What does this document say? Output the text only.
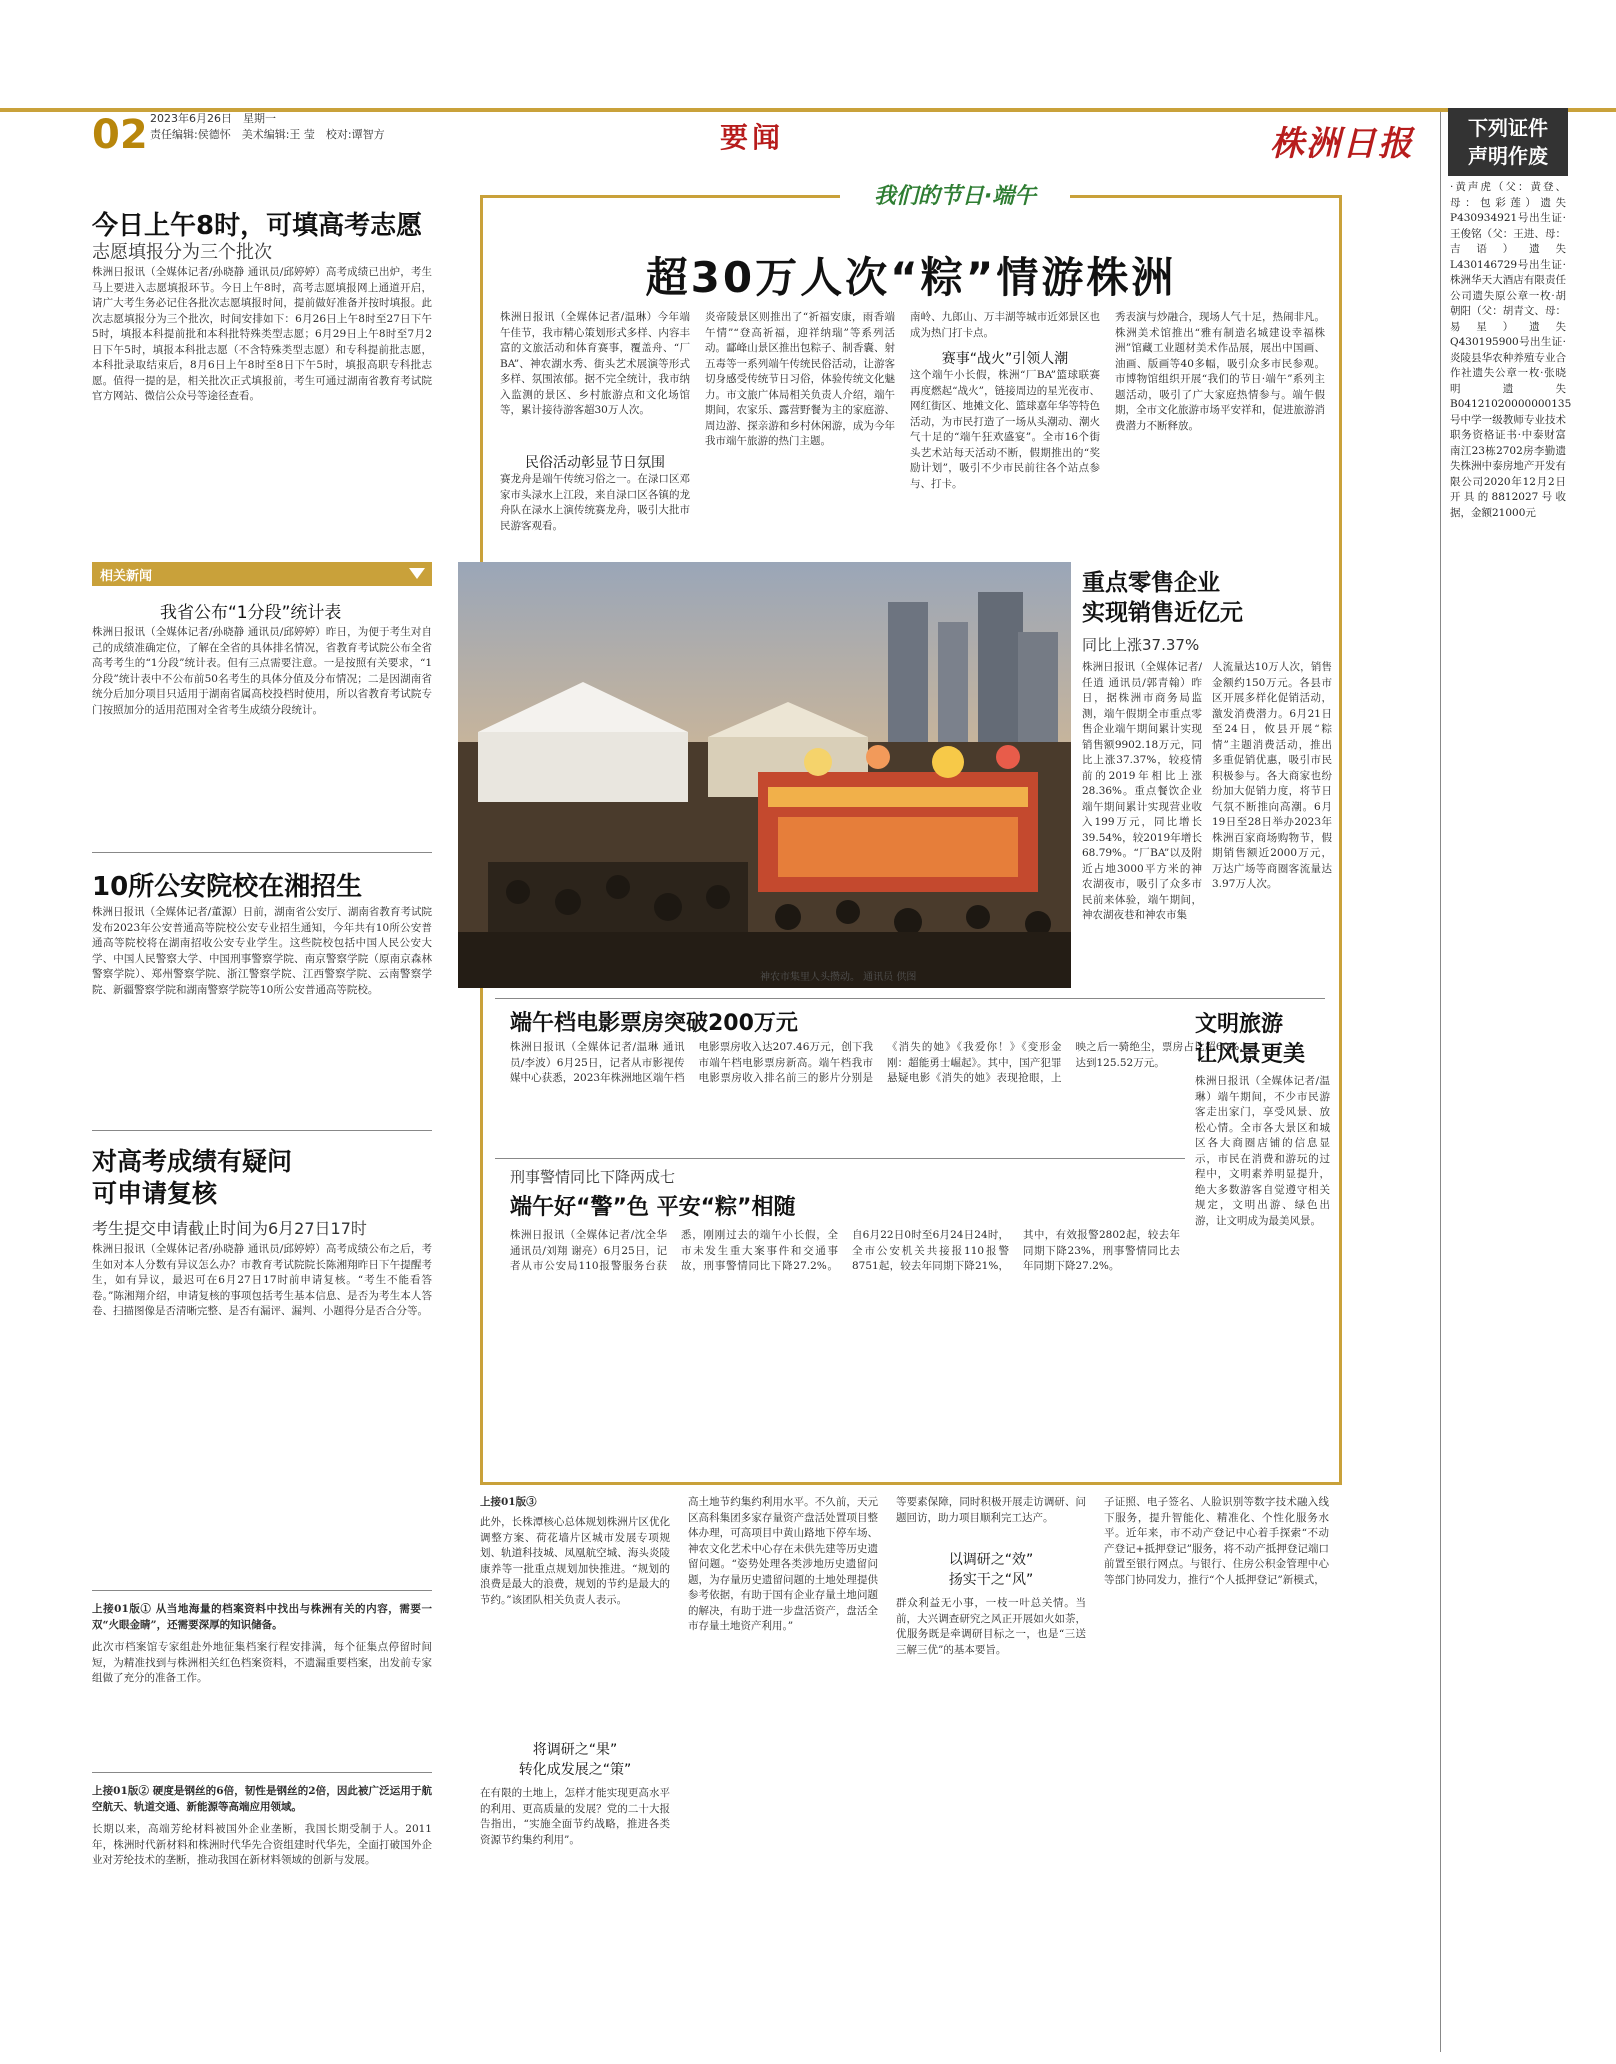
2023年6月26日　星期一
责任编辑:侯德怀　美术编辑:王 莹　校对:谭智方
02	要闻	株洲日报	下列证件
声明作废
·黄声虎（父：黄登、母：包彩莲）遗失P430934921号出生证·王俊铭（父：王进、母：吉语）遗失L430146729号出生证·株洲华天大酒店有限责任公司遗失原公章一枚·胡朝阳（父：胡青文、母：易星）遗失Q430195900号出生证·炎陵县华农种养殖专业合作社遗失公章一枚·张晓明遗失B04121020000000135号中学一级教师专业技术职务资格证书·中泰财富南江23栋2702房李勤遗失株洲中泰房地产开发有限公司2020年12月2日开具的8812027号收据，金额21000元
今日上午8时，可填高考志愿
志愿填报分为三个批次
株洲日报讯（全媒体记者/孙晓静 通讯员/邱婷婷）高考成绩已出炉，考生马上要进入志愿填报环节。今日上午8时，高考志愿填报网上通道开启，请广大考生务必记住各批次志愿填报时间，提前做好准备并按时填报。此次志愿填报分为三个批次，时间安排如下：6月26日上午8时至27日下午5时，填报本科提前批和本科批特殊类型志愿；6月29日上午8时至7月2日下午5时，填报本科批志愿（不含特殊类型志愿）和专科提前批志愿，本科批录取结束后，8月6日上午8时至8日下午5时，填报高职专科批志愿。值得一提的是，相关批次正式填报前，考生可通过湖南省教育考试院官方网站、微信公众号等途径查看。
相关新闻
我省公布“1分段”统计表
株洲日报讯（全媒体记者/孙晓静 通讯员/邱婷婷）昨日，为便于考生对自己的成绩准确定位，了解在全省的具体排名情况，省教育考试院公布全省高考考生的“1分段”统计表。但有三点需要注意。一是按照有关要求，“1分段”统计表中不公布前50名考生的具体分值及分布情况；二是因湖南省统分后加分项目只适用于湖南省属高校投档时使用，所以省教育考试院专门按照加分的适用范围对全省考生成绩分段统计。
10所公安院校在湘招生
株洲日报讯（全媒体记者/董源）日前，湖南省公安厅、湖南省教育考试院发布2023年公安普通高等院校公安专业招生通知，今年共有10所公安普通高等院校将在湖南招收公安专业学生。这些院校包括中国人民公安大学、中国人民警察大学、中国刑事警察学院、南京警察学院（原南京森林警察学院）、郑州警察学院、浙江警察学院、江西警察学院、云南警察学院、新疆警察学院和湖南警察学院等10所公安普通高等院校。
对高考成绩有疑问
可申请复核
考生提交申请截止时间为6月27日17时
株洲日报讯（全媒体记者/孙晓静 通讯员/邱婷婷）高考成绩公布之后，考生如对本人分数有异议怎么办？市教育考试院院长陈湘翔昨日下午提醒考生，如有异议，最迟可在6月27日17时前申请复核。“考生不能看答卷。”陈湘翔介绍，申请复核的事项包括考生基本信息、是否为考生本人答卷、扫描图像是否清晰完整、是否有漏评、漏判、小题得分是否合分等。
上接01版① 从当地海量的档案资料中找出与株洲有关的内容，需要一双“火眼金睛”，还需要深厚的知识储备。
此次市档案馆专家组赴外地征集档案行程安排满，每个征集点停留时间短，为精准找到与株洲相关红色档案资料，不遗漏重要档案，出发前专家组做了充分的准备工作。
上接01版② 硬度是钢丝的6倍，韧性是钢丝的2倍，因此被广泛运用于航空航天、轨道交通、新能源等高端应用领域。
长期以来，高端芳纶材料被国外企业垄断，我国长期受制于人。2011年，株洲时代新材料和株洲时代华先合资组建时代华先，全面打破国外企业对芳纶技术的垄断，推动我国在新材料领域的创新与发展。
我们的节日·端午
超30万人次“粽”情游株洲
株洲日报讯（全媒体记者/温琳）今年端午佳节，我市精心策划形式多样、内容丰富的文旅活动和体育赛事，覆盖舟、“厂BA”、神农湖水秀、街头艺术展演等形式多样、氛围浓郁。据不完全统计，我市纳入监测的景区、乡村旅游点和文化场馆等，累计接待游客超30万人次。
民俗活动彰显节日氛围
赛龙舟是端午传统习俗之一。在渌口区邓家市头渌水上江段，来自渌口区各镇的龙舟队在渌水上演传统赛龙舟，吸引大批市民游客观看。
炎帝陵景区则推出了“祈福安康，雨香端午情”“登高祈福，迎祥纳瑞”等系列活动。酃峰山景区推出包粽子、制香囊、射五毒等一系列端午传统民俗活动，让游客切身感受传统节日习俗，体验传统文化魅力。市文旅广体局相关负责人介绍，端午期间，农家乐、露营野餐为主的家庭游、周边游、探亲游和乡村休闲游，成为今年我市端午旅游的热门主题。
南岭、九郎山、万丰湖等城市近郊景区也成为热门打卡点。
赛事“战火”引领人潮
这个端午小长假，株洲“厂BA”篮球联赛再度燃起“战火”，链接周边的星光夜市、网红街区、地摊文化、篮球嘉年华等特色活动，为市民打造了一场从头潮动、潮火气十足的“端午狂欢盛宴”。全市16个街头艺术站每天活动不断，假期推出的“奖励计划”，吸引不少市民前往各个站点参与、打卡。
秀表演与炒融合，现场人气十足，热闹非凡。株洲美术馆推出“雅有制造名城建设幸福株洲”馆藏工业题材美术作品展，展出中国画、油画、版画等40多幅，吸引众多市民参观。市博物馆组织开展“我们的节日·端午”系列主题活动，吸引了广大家庭热情参与。端午假期，全市文化旅游市场平安祥和，促进旅游消费潜力不断释放。
神农市集里人头攒动。 通讯员 供图
重点零售企业
实现销售近亿元
同比上涨37.37%
株洲日报讯（全媒体记者/任逍 通讯员/郭青翰）昨日，据株洲市商务局监测，端午假期全市重点零售企业端午期间累计实现销售额9902.18万元，同比上涨37.37%，较疫情前的2019年相比上涨28.36%。重点餐饮企业端午期间累计实现营业收入199万元，同比增长39.54%，较2019年增长68.79%。“厂BA”以及附近占地3000平方米的神农湖夜市，吸引了众多市民前来体验，端午期间，神农湖夜巷和神农市集
人流量达10万人次，销售金额约150万元。各县市区开展多样化促销活动，激发消费潜力。6月21日至24日，攸县开展“粽情”主题消费活动，推出多重促销优惠，吸引市民积极参与。各大商家也纷纷加大促销力度，将节日气氛不断推向高潮。6月19日至28日举办2023年株洲百家商场购物节，假期销售额近2000万元，万达广场等商圈客流量达3.97万人次。
端午档电影票房突破200万元
株洲日报讯（全媒体记者/温琳 通讯员/李波）6月25日，记者从市影视传媒中心获悉，2023年株洲地区端午档电影票房收入达207.46万元，创下我市端午档电影票房新高。端午档我市电影票房收入排名前三的影片分别是《消失的她》《我爱你！》《变形金刚：超能勇士崛起》。其中，国产犯罪悬疑电影《消失的她》表现抢眼，上映之后一骑绝尘，票房占比超60%，达到125.52万元。
文明旅游
让风景更美
株洲日报讯（全媒体记者/温琳）端午期间，不少市民游客走出家门，享受风景、放松心情。全市各大景区和城区各大商圈店铺的信息显示，市民在消费和游玩的过程中，文明素养明显提升，绝大多数游客自觉遵守相关规定，文明出游、绿色出游，让文明成为最美风景。
刑事警情同比下降两成七
端午好“警”色 平安“粽”相随
株洲日报讯（全媒体记者/沈全华 通讯员/刘翔 谢亮）6月25日，记者从市公安局110报警服务台获悉，刚刚过去的端午小长假，全市未发生重大案事件和交通事故，刑事警情同比下降27.2%。自6月22日0时至6月24日24时，全市公安机关共接报110报警8751起，较去年同期下降21%，其中，有效报警2802起，较去年同期下降23%，刑事警情同比去年同期下降27.2%。
上接01版③
此外，长株潭核心总体规划株洲片区优化调整方案、荷花墙片区城市发展专项规划、轨道科技城、凤凰航空城、海头炎陵康养等一批重点规划加快推进。“规划的浪费是最大的浪费，规划的节约是最大的节约。”该团队相关负责人表示。
将调研之“果”
转化成发展之“策”
在有限的土地上，怎样才能实现更高水平的利用、更高质量的发展？党的二十大报告指出，“实施全面节约战略，推进各类资源节约集约利用”。
高土地节约集约利用水平。不久前，天元区高科集团多家存量资产盘活处置项目整体办理，可高项目中黄山路地下停车场、神农文化艺术中心存在未供先建等历史遗留问题。“姿势处理各类涉地历史遗留问题，为存量历史遗留问题的土地处理提供参考依据，有助于国有企业存量土地问题的解决，有助于进一步盘活资产，盘活全市存量土地资产利用。”
等要素保障，同时积极开展走访调研、问题回访，助力项目顺利完工达产。
以调研之“效”
扬实干之“风”
群众利益无小事，一枝一叶总关情。当前，大兴调查研究之风正开展如火如荼，优服务既是牵调研目标之一，也是“三送三解三优”的基本要旨。
子证照、电子签名、人脸识别等数字技术融入线下服务，提升智能化、精准化、个性化服务水平。近年来，市不动产登记中心着手探索“不动产登记+抵押登记”服务，将不动产抵押登记端口前置至银行网点。与银行、住房公积金管理中心等部门协同发力，推行“个人抵押登记”新模式，
